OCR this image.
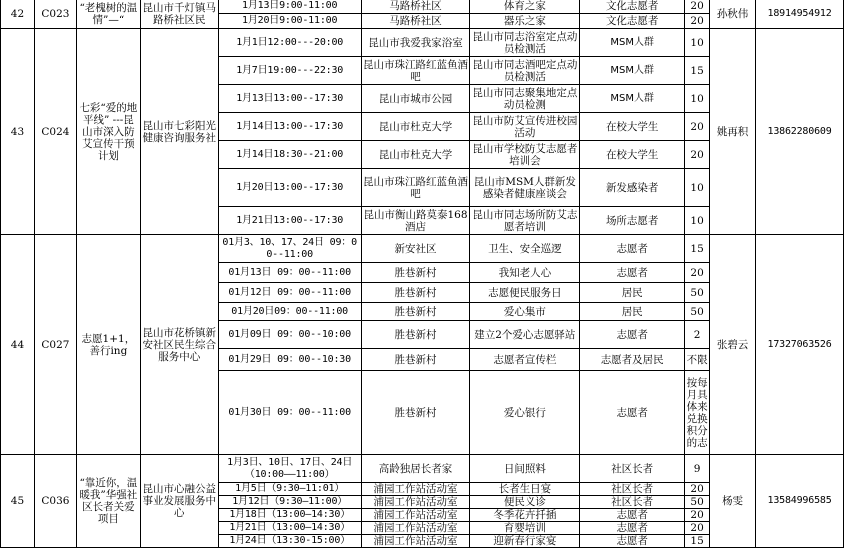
42	C023	“老槐树的温情”—“	昆山市千灯镇马路桥社区民	1月13日9:00-11:00	马路桥社区	体育之家	文化志愿者	20	孙秋伟	18914954912
				1月20日9:00-11:00	马路桥社区	器乐之家	文化志愿者	20		
43	C024	七彩“爱的地平线” ---昆山市深入防艾宣传干预计划	昆山市七彩阳光健康咨询服务社	1月1日12:00---20:00	昆山市我爱我家浴室	昆山市同志浴室定点动员检测活	MSM人群	10	姚再积	13862280609
				1月7日19:00---22:30	昆山市珠江路红蓝鱼酒吧	昆山市同志酒吧定点动员检测活	MSM人群	15		
				1月13日13:00--17:30	昆山市城市公园	昆山市同志聚集地定点动员检测	MSM人群	10		
				1月14日13:00--17:30	昆山市杜克大学	昆山市防艾宣传进校园活动	在校大学生	20		
				1月14日18:30--21:00	昆山市杜克大学	昆山市学校防艾志愿者培训会	在校大学生	20		
				1月20日13:00--17:30	昆山市珠江路红蓝鱼酒吧	昆山市MSM人群新发感染者健康座谈会	新发感染者	10		
				1月21日13:00--17:30	昆山市衡山路莫泰168酒店	昆山市同志场所防艾志愿者培训	场所志愿者	10		
44	C027	志愿1+1，善行ing	昆山市花桥镇新安社区民生综合服务中心	01月3、10、17、24日 09：00--11:00	新安社区	卫生、安全巡逻	志愿者	15	张碧云	17327063526
				01月13日 09：00--11:00	胜巷新村	我知老人心	志愿者	20		
				01月12日 09：00--11:00	胜巷新村	志愿便民服务日	居民	50		
				01月20日09：00--11:00	胜巷新村	爱心集市	居民	50		
				01月09日 09：00--10:00	胜巷新村	建立2个爱心志愿驿站	志愿者	2		
				01月29日 09：00--10:30	胜巷新村	志愿者宣传栏	志愿者及居民	不限		
				01月30日 09：00--11:00	胜巷新村	爱心银行	志愿者	按每月具体来兑换积分的志		
45	C036	“靠近你，温暖我”华强社区长者关爱项目	昆山市心融公益事业发展服务中心	1月3日、10日、17日、24日（10:00——11:00）	高龄独居长者家	日间照料	社区长者	9	杨雯	13584996585
				1月5日（9:30—11:01）	浦园工作站活动室	长者生日宴	社区长者	20		
				1月12日（9:30—11:00）	浦园工作站活动室	便民义诊	社区长者	50		
				1月18日（13:00—14:30）	浦园工作站活动室	冬季花卉扦插	志愿者	20		
				1月21日（13:00—14:30）	浦园工作站活动室	育婴培训	志愿者	20		
				1月24日（13:30-15:00）	浦园工作站活动室	迎新春行家宴	志愿者	15		
